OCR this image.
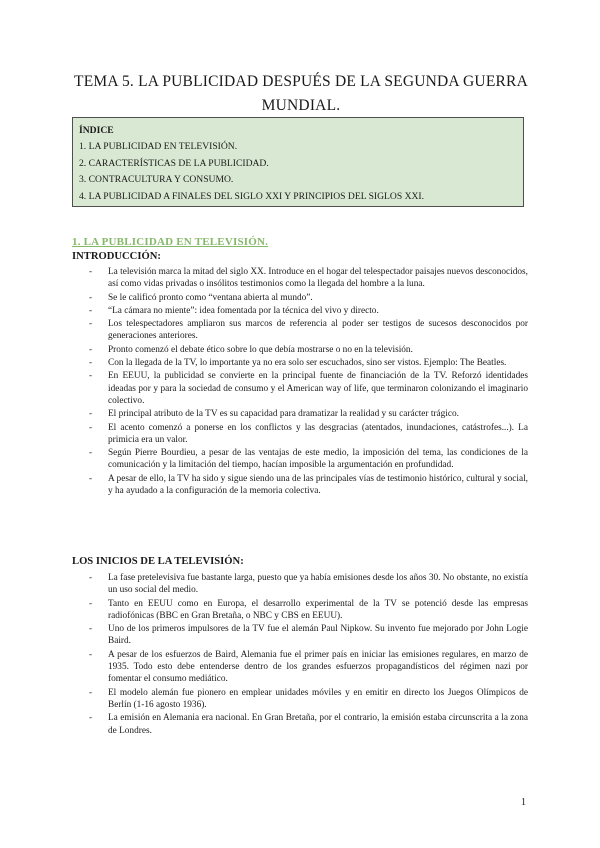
TEMA 5. LA PUBLICIDAD DESPUÉS DE LA SEGUNDA GUERRA MUNDIAL.
ÍNDICE
1. LA PUBLICIDAD EN TELEVISIÓN.
2. CARACTERÍSTICAS DE LA PUBLICIDAD.
3. CONTRACULTURA Y CONSUMO.
4. LA PUBLICIDAD A FINALES DEL SIGLO XXI Y PRINCIPIOS DEL SIGLOS XXI.
1. LA PUBLICIDAD EN TELEVISIÓN.
INTRODUCCIÓN:
- La televisión marca la mitad del siglo XX. Introduce en el hogar del telespectador paisajes nuevos desconocidos, así como vidas privadas o insólitos testimonios como la llegada del hombre a la luna.
- Se le calificó pronto como “ventana abierta al mundo”.
- “La cámara no miente”: idea fomentada por la técnica del vivo y directo.
- Los telespectadores ampliaron sus marcos de referencia al poder ser testigos de sucesos desconocidos por generaciones anteriores.
- Pronto comenzó el debate ético sobre lo que debía mostrarse o no en la televisión.
- Con la llegada de la TV, lo importante ya no era solo ser escuchados, sino ser vistos. Ejemplo: The Beatles.
- En EEUU, la publicidad se convierte en la principal fuente de financiación de la TV. Reforzó identidades ideadas por y para la sociedad de consumo y el American way of life, que terminaron colonizando el imaginario colectivo.
- El principal atributo de la TV es su capacidad para dramatizar la realidad y su carácter trágico.
- El acento comenzó a ponerse en los conflictos y las desgracias (atentados, inundaciones, catástrofes...). La primicia era un valor.
- Según Pierre Bourdieu, a pesar de las ventajas de este medio, la imposición del tema, las condiciones de la comunicación y la limitación del tiempo, hacían imposible la argumentación en profundidad.
- A pesar de ello, la TV ha sido y sigue siendo una de las principales vías de testimonio histórico, cultural y social, y ha ayudado a la configuración de la memoria colectiva.
LOS INICIOS DE LA TELEVISIÓN:
- La fase pretelevisiva fue bastante larga, puesto que ya había emisiones desde los años 30. No obstante, no existía un uso social del medio.
- Tanto en EEUU como en Europa, el desarrollo experimental de la TV se potenció desde las empresas radiofónicas (BBC en Gran Bretaña, o NBC y CBS en EEUU).
- Uno de los primeros impulsores de la TV fue el alemán Paul Nipkow. Su invento fue mejorado por John Logie Baird.
- A pesar de los esfuerzos de Baird, Alemania fue el primer país en iniciar las emisiones regulares, en marzo de 1935. Todo esto debe entenderse dentro de los grandes esfuerzos propagandísticos del régimen nazi por fomentar el consumo mediático.
- El modelo alemán fue pionero en emplear unidades móviles y en emitir en directo los Juegos Olímpicos de Berlín (1-16 agosto 1936).
- La emisión en Alemania era nacional. En Gran Bretaña, por el contrario, la emisión estaba circunscrita a la zona de Londres.
1
